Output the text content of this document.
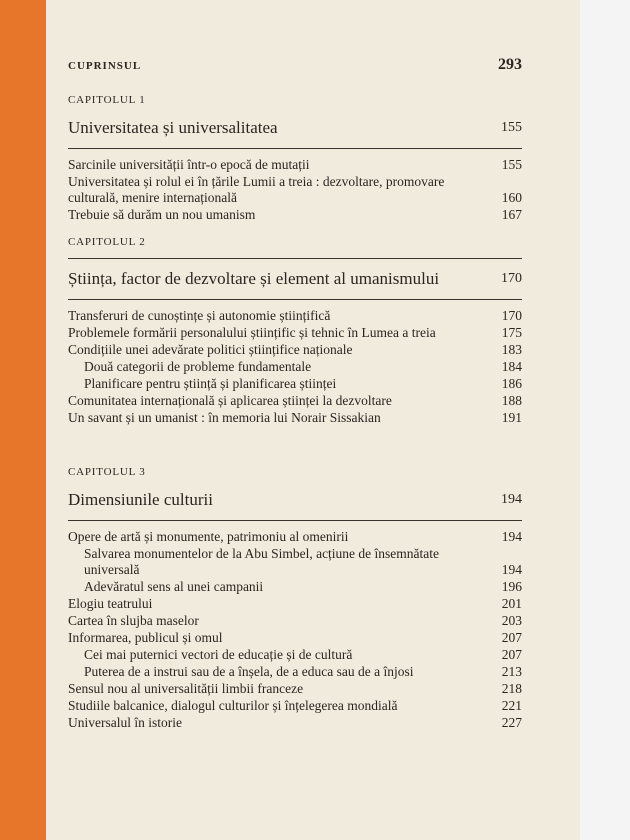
CUPRINSUL	293
CAPITOLUL 1
Universitatea și universalitatea	155
Sarcinile universității într-o epocă de mutații	155
Universitatea și rolul ei în țările Lumii a treia : dezvoltare, promovare culturală, menire internațională	160
Trebuie să durăm un nou umanism	167
CAPITOLUL 2
Știința, factor de dezvoltare și element al umanismului	170
Transferuri de cunoștințe și autonomie științifică	170
Problemele formării personalului științific și tehnic în Lumea a treia	175
Condițiile unei adevărate politici științifice naționale	183
Două categorii de probleme fundamentale	184
Planificare pentru știință și planificarea științei	186
Comunitatea internațională și aplicarea științei la dezvoltare	188
Un savant și un umanist : în memoria lui Norair Sissakian	191
CAPITOLUL 3
Dimensiunile culturii	194
Opere de artă și monumente, patrimoniu al omenirii	194
Salvarea monumentelor de la Abu Simbel, acțiune de însemnătate universală	194
Adevăratul sens al unei campanii	196
Elogiu teatrului	201
Cartea în slujba maselor	203
Informarea, publicul și omul	207
Cei mai puternici vectori de educație și de cultură	207
Puterea de a instrui sau de a înșela, de a educa sau de a înjosi	213
Sensul nou al universalității limbii franceze	218
Studiile balcanice, dialogul culturilor și înțelegerea mondială	221
Universalul în istorie	227
